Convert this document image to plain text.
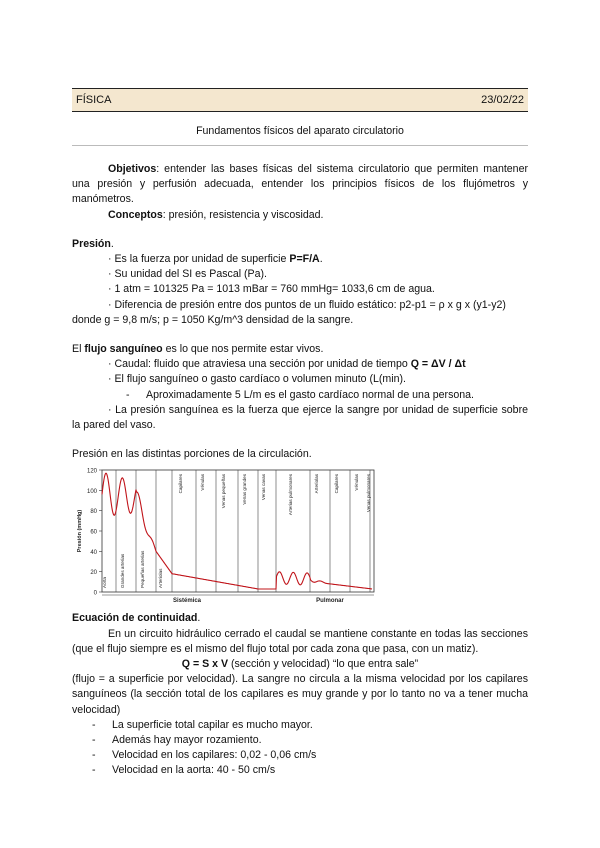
FÍSICA	23/02/22
Fundamentos físicos del aparato circulatorio

Objetivos: entender las bases físicas del sistema circulatorio que permiten mantener una presión y perfusión adecuada, entender los principios físicos de los flujómetros y manómetros.

Conceptos: presión, resistencia y viscosidad.

Presión.

· Es la fuerza por unidad de superficie P=F/A.

· Su unidad del SI es Pascal (Pa).

· 1 atm = 101325 Pa = 1013 mBar = 760 mmHg= 1033,6 cm de agua.

· Diferencia de presión entre dos puntos de un fluido estático: p2-p1 = ρ x g x (y1-y2)

donde g = 9,8 m/s; p = 1050 Kg/m^3 densidad de la sangre.

El flujo sanguíneo es lo que nos permite estar vivos.

· Caudal: fluido que atraviesa una sección por unidad de tiempo Q = ΔV / Δt

· El flujo sanguíneo o gasto cardíaco o volumen minuto (L(min).

-	Aproximadamente 5 L/m es el gasto cardíaco normal de una persona.

· La presión sanguínea es la fuerza que ejerce la sangre por unidad de superficie sobre la pared del vaso.

Presión en las distintas porciones de la circulación.

0
20
40
60
80
100
120
Presión (mmHg)
Aorta	Grandes arterias	Pequeñas arterias	Arteriolas
Capilares	Vénulas	Venas pequeñas	Venas grandes	Venas cavas	Arterias pulmonares	Arteriolas	Capilares	Vénulas Venas pulmonares
Sistémica	Pulmonar

Ecuación de continuidad.

En un circuito hidráulico cerrado el caudal se mantiene constante en todas las secciones (que el flujo siempre es el mismo del flujo total por cada zona que pasa, con un matiz).

Q = S x V (sección y velocidad) “lo que entra sale”

(flujo = a superficie por velocidad). La sangre no circula a la misma velocidad por los capilares sanguíneos (la sección total de los capilares es muy grande y por lo tanto no va a tener mucha velocidad)

-	La superficie total capilar es mucho mayor.

-	Además hay mayor rozamiento.

-	Velocidad en los capilares: 0,02 - 0,06 cm/s

-	Velocidad en la aorta: 40 - 50 cm/s
